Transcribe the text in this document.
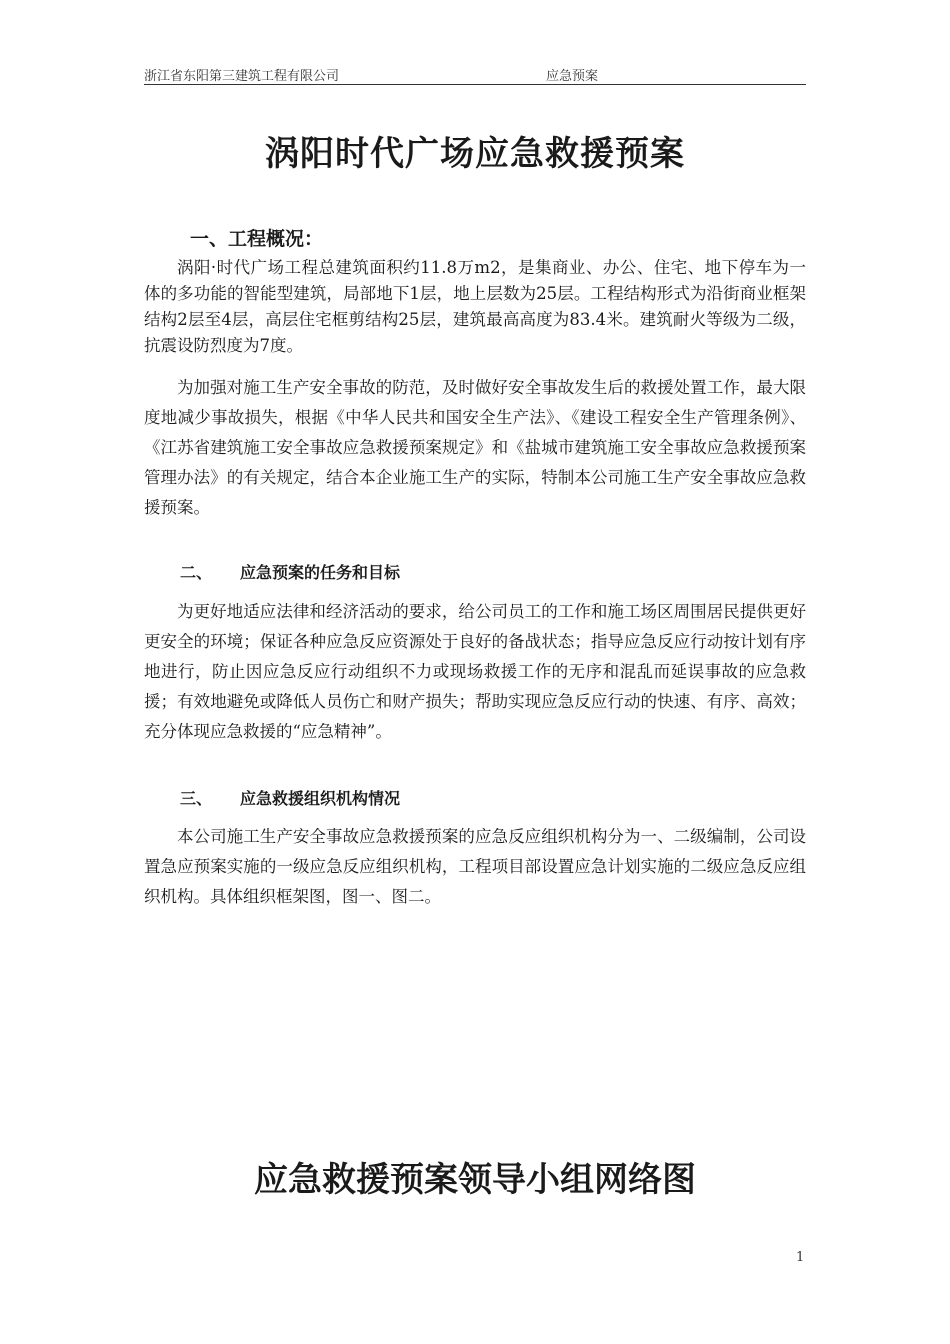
浙江省东阳第三建筑工程有限公司	应急预案
涡阳时代广场应急救援预案
一、工程概况：

涡阳·时代广场工程总建筑面积约11.8万m2，是集商业、办公、住宅、地下停车为一体的多功能的智能型建筑，局部地下1层，地上层数为25层。工程结构形式为沿街商业框架结构2层至4层，高层住宅框剪结构25层，建筑最高高度为83.4米。建筑耐火等级为二级，抗震设防烈度为7度。

为加强对施工生产安全事故的防范，及时做好安全事故发生后的救援处置工作，最大限度地减少事故损失，根据《中华人民共和国安全生产法》、《建设工程安全生产管理条例》、《江苏省建筑施工安全事故应急救援预案规定》和《盐城市建筑施工安全事故应急救援预案管理办法》的有关规定，结合本企业施工生产的实际，特制本公司施工生产安全事故应急救援预案。

二、 应急预案的任务和目标

为更好地适应法律和经济活动的要求，给公司员工的工作和施工场区周围居民提供更好更安全的环境；保证各种应急反应资源处于良好的备战状态；指导应急反应行动按计划有序地进行，防止因应急反应行动组织不力或现场救援工作的无序和混乱而延误事故的应急救援；有效地避免或降低人员伤亡和财产损失；帮助实现应急反应行动的快速、有序、高效；充分体现应急救援的“应急精神”。

三、 应急救援组织机构情况

本公司施工生产安全事故应急救援预案的应急反应组织机构分为一、二级编制，公司设置急应预案实施的一级应急反应组织机构，工程项目部设置应急计划实施的二级应急反应组织机构。具体组织框架图，图一、图二。

应急救援预案领导小组网络图
1
